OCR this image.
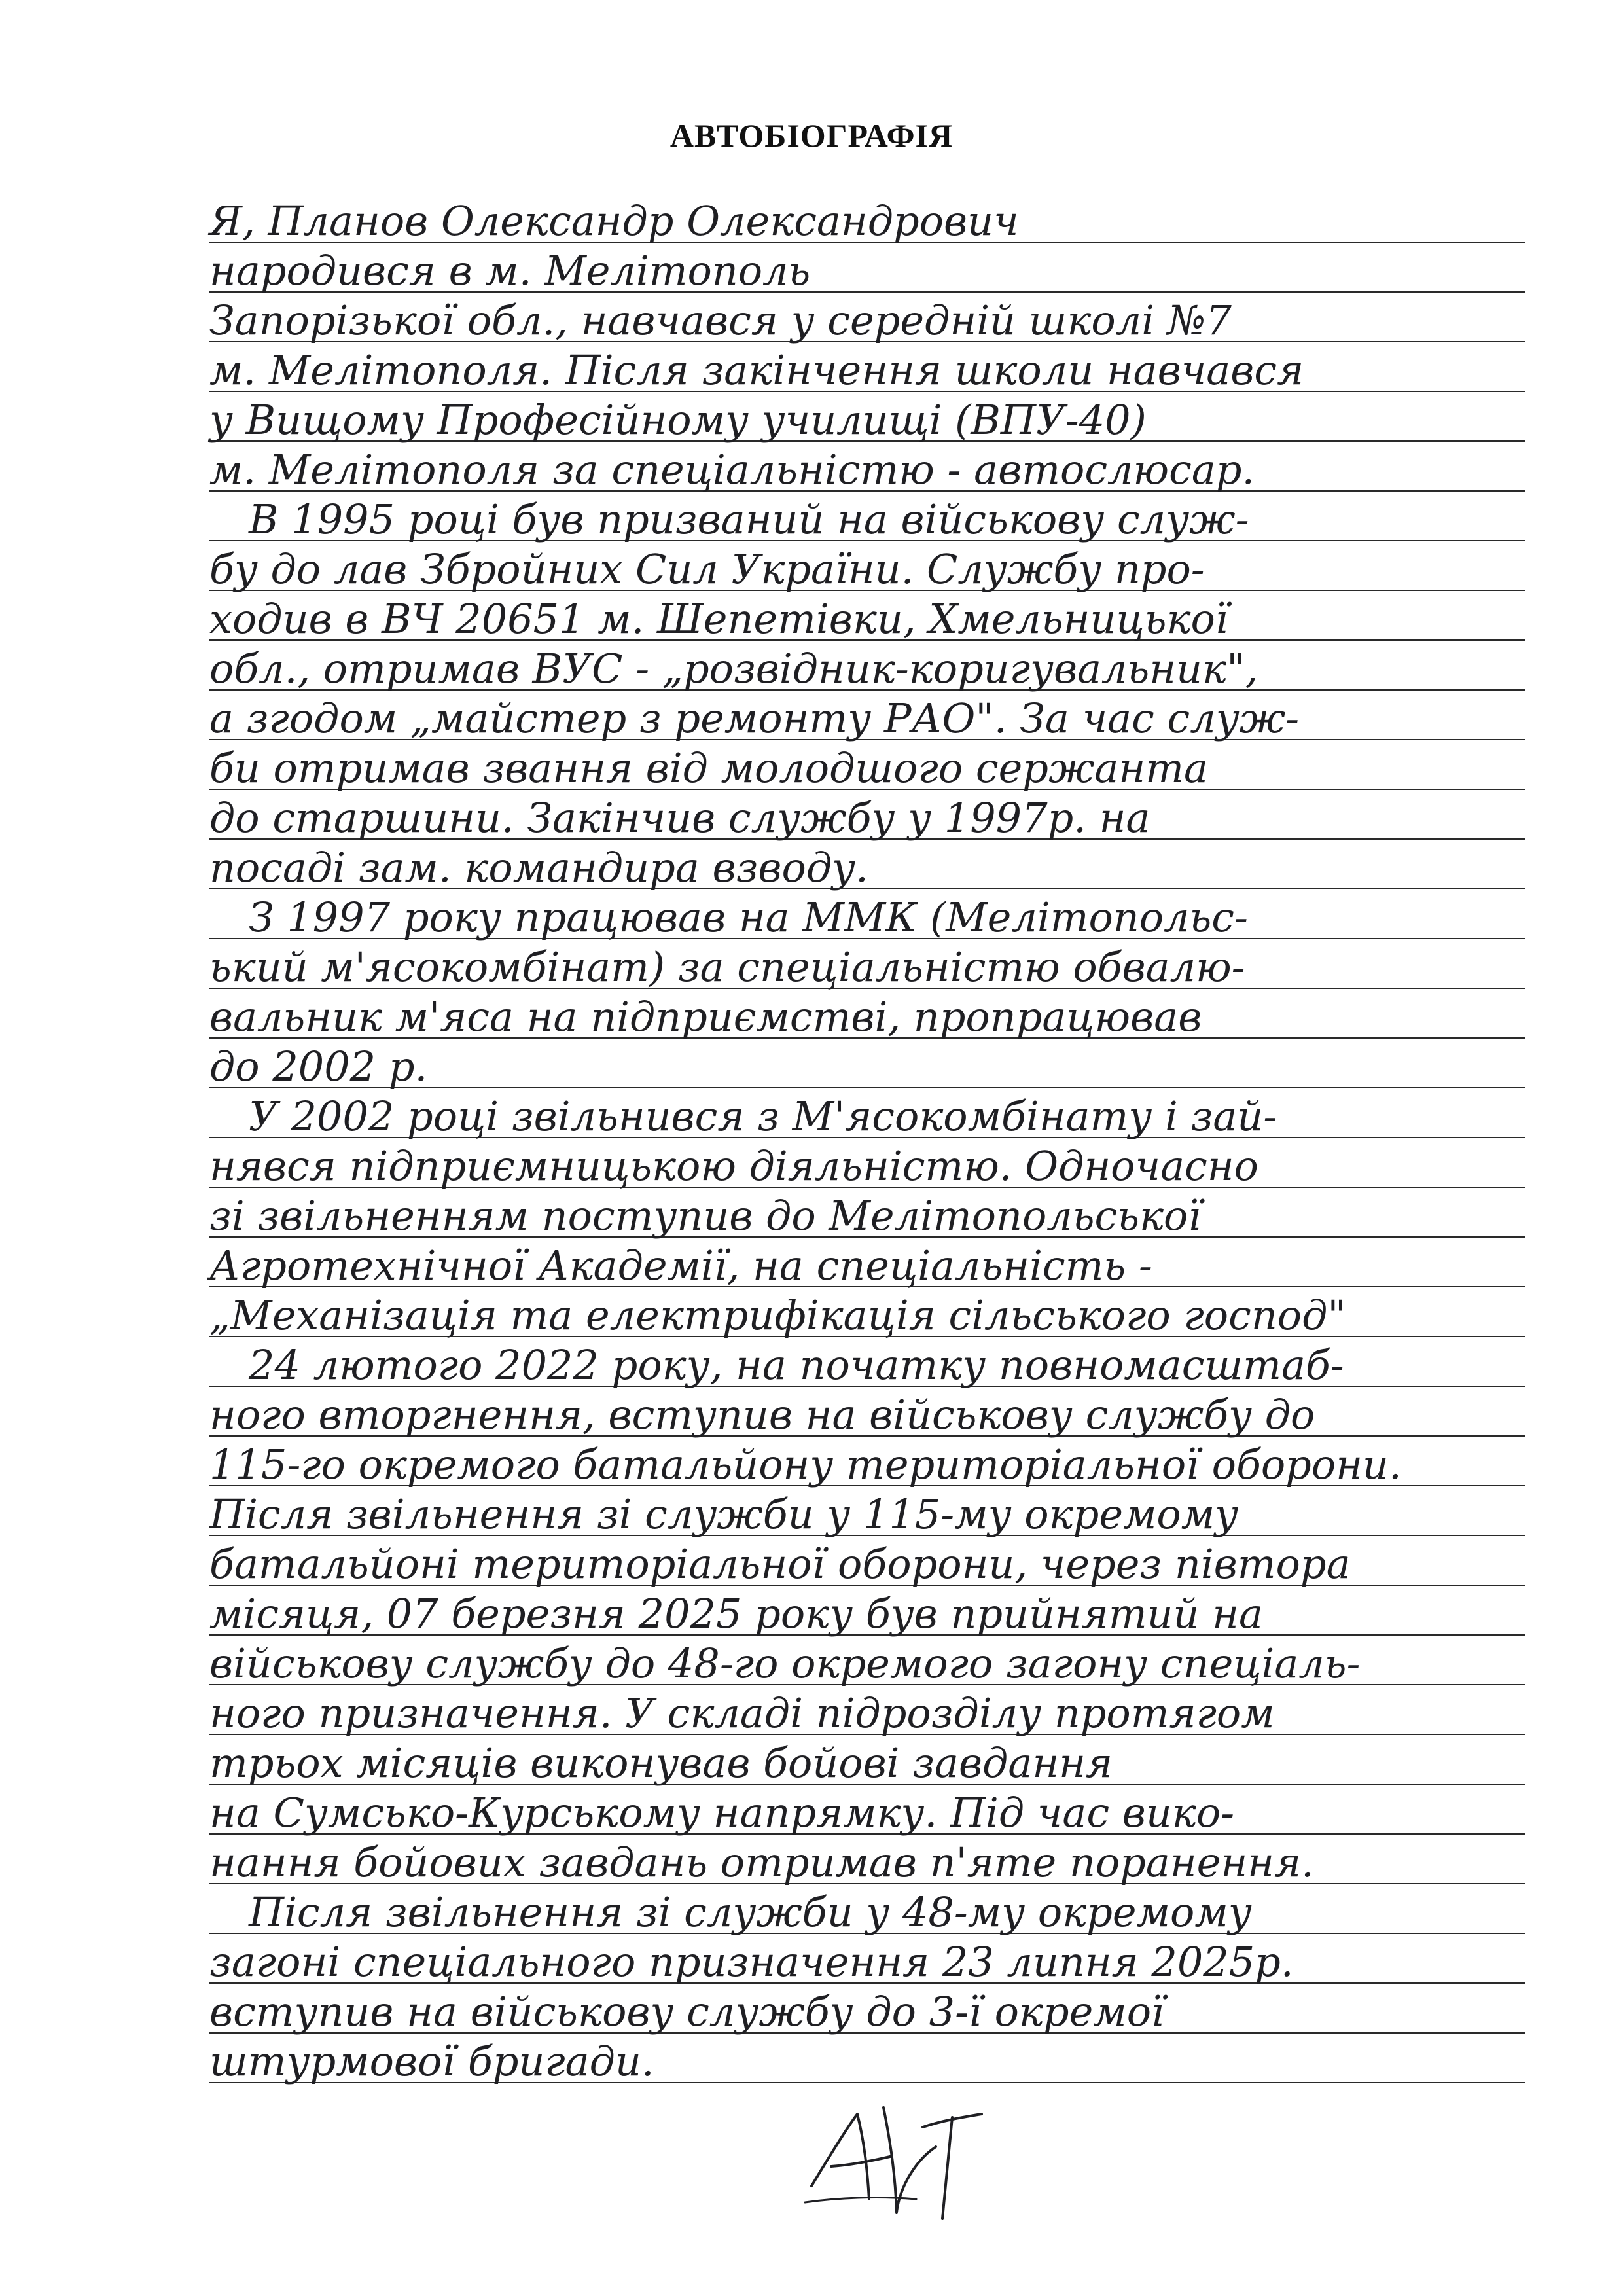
АВТОБІОГРАФІЯ
Я, Планов Олександр Олександрович
народився в м. Мелітополь
Запорізької обл., навчався у середній школі №7
м. Мелітополя. Після закінчення школи навчався
у Вищому Професійному училищі (ВПУ-40)
м. Мелітополя за спеціальністю - автослюсар.
В 1995 році був призваний на військову служ-
бу до лав Збройних Сил України. Службу про-
ходив в ВЧ 20651 м. Шепетівки, Хмельницької
обл., отримав ВУС - „розвідник-коригувальник",
а згодом „майстер з ремонту РАО". За час служ-
би отримав звання від молодшого сержанта
до старшини. Закінчив службу у 1997р. на
посаді зам. командира взводу.
З 1997 року працював на ММК (Мелітопольс-
ький м'ясокомбінат) за спеціальністю обвалю-
вальник м'яса на підприємстві, пропрацював
до 2002 р.
У 2002 році звільнився з М'ясокомбінату і зай-
нявся підприємницькою діяльністю. Одночасно
зі звільненням поступив до Мелітопольської
Агротехнічної Академії, на спеціальність -
„Механізація та електрифікація сільського господ"
24 лютого 2022 року, на початку повномасштаб-
ного вторгнення, вступив на військову службу до
115-го окремого батальйону територіальної оборони.
Після звільнення зі служби у 115-му окремому
батальйоні територіальної оборони, через півтора
місяця, 07 березня 2025 року був прийнятий на
військову службу до 48-го окремого загону спеціаль-
ного призначення. У складі підрозділу протягом
трьох місяців виконував бойові завдання
на Сумсько-Курському напрямку. Під час вико-
нання бойових завдань отримав п'яте поранення.
Після звільнення зі служби у 48-му окремому
загоні спеціального призначення 23 липня 2025р.
вступив на військову службу до 3-ї окремої
штурмової бригади.
